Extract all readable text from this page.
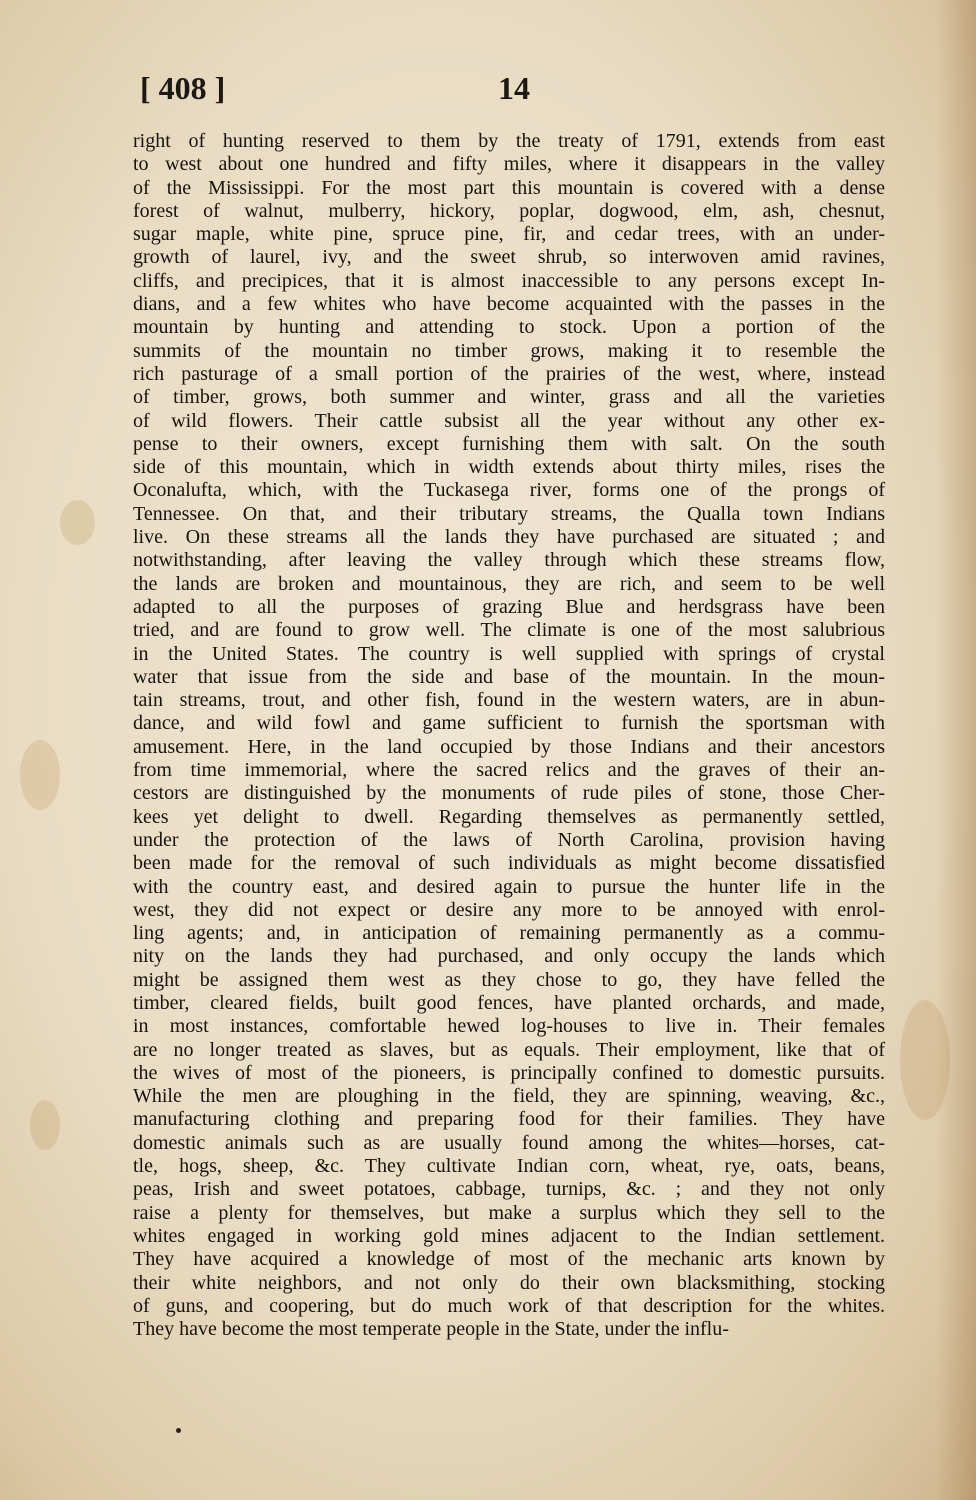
[ 408 ]	14
right of hunting reserved to them by the treaty of 1791, extends from east
to west about one hundred and fifty miles, where it disappears in the valley
of the Mississippi. For the most part this mountain is covered with a dense
forest of walnut, mulberry, hickory, poplar, dogwood, elm, ash, chesnut,
sugar maple, white pine, spruce pine, fir, and cedar trees, with an under-
growth of laurel, ivy, and the sweet shrub, so interwoven amid ravines,
cliffs, and precipices, that it is almost inaccessible to any persons except In-
dians, and a few whites who have become acquainted with the passes in the
mountain by hunting and attending to stock. Upon a portion of the
summits of the mountain no timber grows, making it to resemble the
rich pasturage of a small portion of the prairies of the west, where, instead
of timber, grows, both summer and winter, grass and all the varieties
of wild flowers. Their cattle subsist all the year without any other ex-
pense to their owners, except furnishing them with salt. On the south
side of this mountain, which in width extends about thirty miles, rises the
Oconalufta, which, with the Tuckasega river, forms one of the prongs of
Tennessee. On that, and their tributary streams, the Qualla town Indians
live. On these streams all the lands they have purchased are situated ; and
notwithstanding, after leaving the valley through which these streams flow,
the lands are broken and mountainous, they are rich, and seem to be well
adapted to all the purposes of grazing Blue and herdsgrass have been
tried, and are found to grow well. The climate is one of the most salubrious
in the United States. The country is well supplied with springs of crystal
water that issue from the side and base of the mountain. In the moun-
tain streams, trout, and other fish, found in the western waters, are in abun-
dance, and wild fowl and game sufficient to furnish the sportsman with
amusement. Here, in the land occupied by those Indians and their ancestors
from time immemorial, where the sacred relics and the graves of their an-
cestors are distinguished by the monuments of rude piles of stone, those Cher-
kees yet delight to dwell. Regarding themselves as permanently settled,
under the protection of the laws of North Carolina, provision having
been made for the removal of such individuals as might become dissatisfied
with the country east, and desired again to pursue the hunter life in the
west, they did not expect or desire any more to be annoyed with enrol-
ling agents; and, in anticipation of remaining permanently as a commu-
nity on the lands they had purchased, and only occupy the lands which
might be assigned them west as they chose to go, they have felled the
timber, cleared fields, built good fences, have planted orchards, and made,
in most instances, comfortable hewed log-houses to live in. Their females
are no longer treated as slaves, but as equals. Their employment, like that of
the wives of most of the pioneers, is principally confined to domestic pursuits.
While the men are ploughing in the field, they are spinning, weaving, &c.,
manufacturing clothing and preparing food for their families. They have
domestic animals such as are usually found among the whites—horses, cat-
tle, hogs, sheep, &c. They cultivate Indian corn, wheat, rye, oats, beans,
peas, Irish and sweet potatoes, cabbage, turnips, &c. ; and they not only
raise a plenty for themselves, but make a surplus which they sell to the
whites engaged in working gold mines adjacent to the Indian settlement.
They have acquired a knowledge of most of the mechanic arts known by
their white neighbors, and not only do their own blacksmithing, stocking
of guns, and coopering, but do much work of that description for the whites.
They have become the most temperate people in the State, under the influ-
